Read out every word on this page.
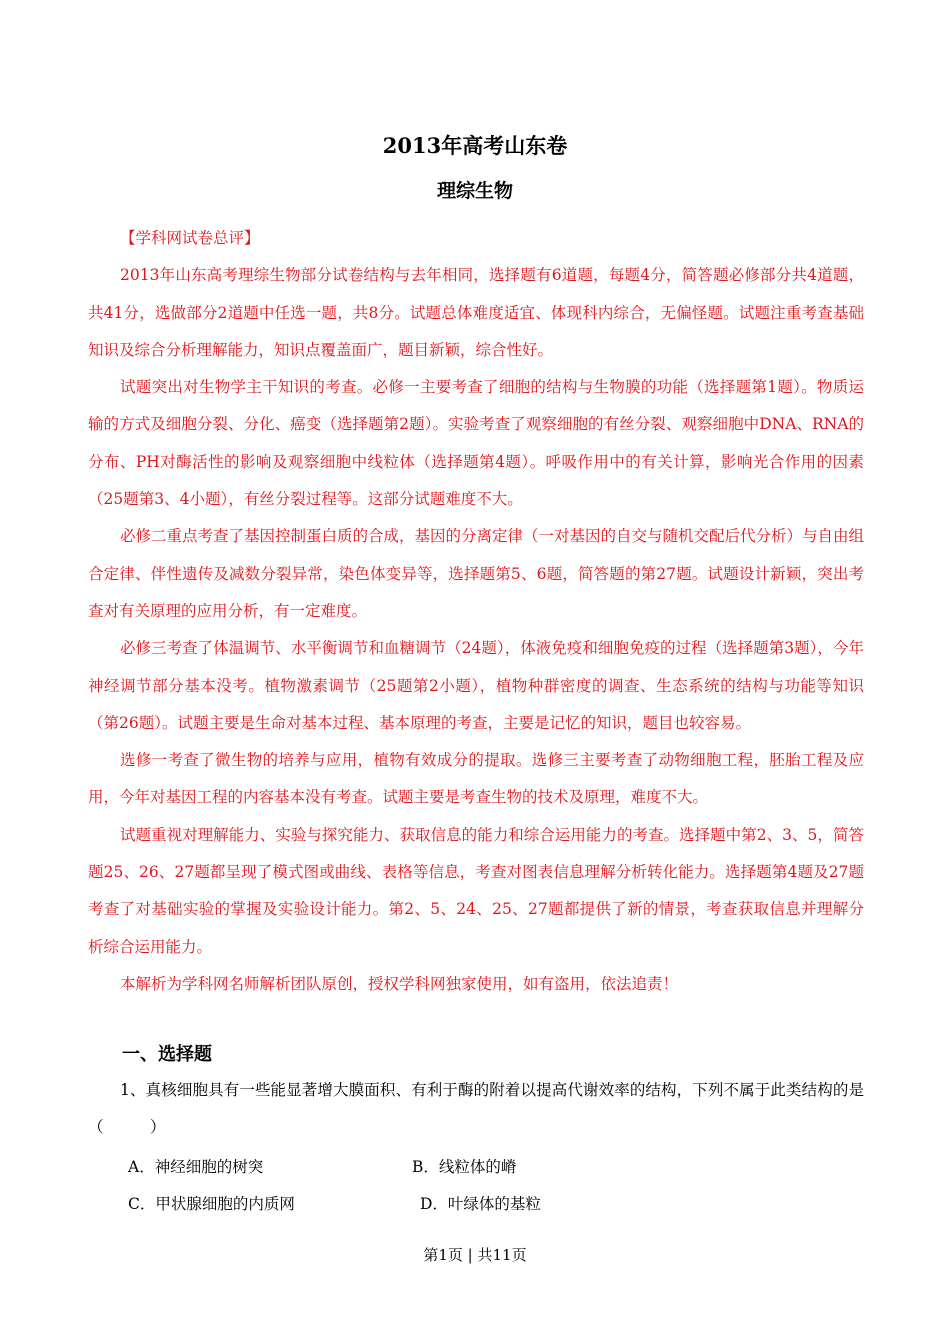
2013年高考山东卷
理综生物
【学科网试卷总评】

2013年山东高考理综生物部分试卷结构与去年相同，选择题有6道题，每题4分，简答题必修部分共4道题，共41分，选做部分2道题中任选一题，共8分。试题总体难度适宜、体现科内综合，无偏怪题。试题注重考查基础知识及综合分析理解能力，知识点覆盖面广，题目新颖，综合性好。

试题突出对生物学主干知识的考查。必修一主要考查了细胞的结构与生物膜的功能（选择题第1题）。物质运输的方式及细胞分裂、分化、癌变（选择题第2题）。实验考查了观察细胞的有丝分裂、观察细胞中DNA、RNA的分布、PH对酶活性的影响及观察细胞中线粒体（选择题第4题）。呼吸作用中的有关计算，影响光合作用的因素（25题第3、4小题），有丝分裂过程等。这部分试题难度不大。

必修二重点考查了基因控制蛋白质的合成，基因的分离定律（一对基因的自交与随机交配后代分析）与自由组合定律、伴性遗传及减数分裂异常，染色体变异等，选择题第5、6题，简答题的第27题。试题设计新颖，突出考查对有关原理的应用分析，有一定难度。

必修三考查了体温调节、水平衡调节和血糖调节（24题），体液免疫和细胞免疫的过程（选择题第3题），今年神经调节部分基本没考。植物激素调节（25题第2小题），植物种群密度的调查、生态系统的结构与功能等知识（第26题）。试题主要是生命对基本过程、基本原理的考查，主要是记忆的知识，题目也较容易。

选修一考查了微生物的培养与应用，植物有效成分的提取。选修三主要考查了动物细胞工程，胚胎工程及应用，今年对基因工程的内容基本没有考查。试题主要是考查生物的技术及原理，难度不大。

试题重视对理解能力、实验与探究能力、获取信息的能力和综合运用能力的考查。选择题中第2、3、5，简答题25、26、27题都呈现了模式图或曲线、表格等信息，考查对图表信息理解分析转化能力。选择题第4题及27题考查了对基础实验的掌握及实验设计能力。第2、5、24、25、27题都提供了新的情景，考查获取信息并理解分析综合运用能力。

本解析为学科网名师解析团队原创，授权学科网独家使用，如有盗用，依法追责！

一、选择题
1、真核细胞具有一些能显著增大膜面积、有利于酶的附着以提高代谢效率的结构，下列不属于此类结构的是（　　　）
A．神经细胞的树突	B．线粒体的嵴
C．甲状腺细胞的内质网	D．叶绿体的基粒
第1页 | 共11页
